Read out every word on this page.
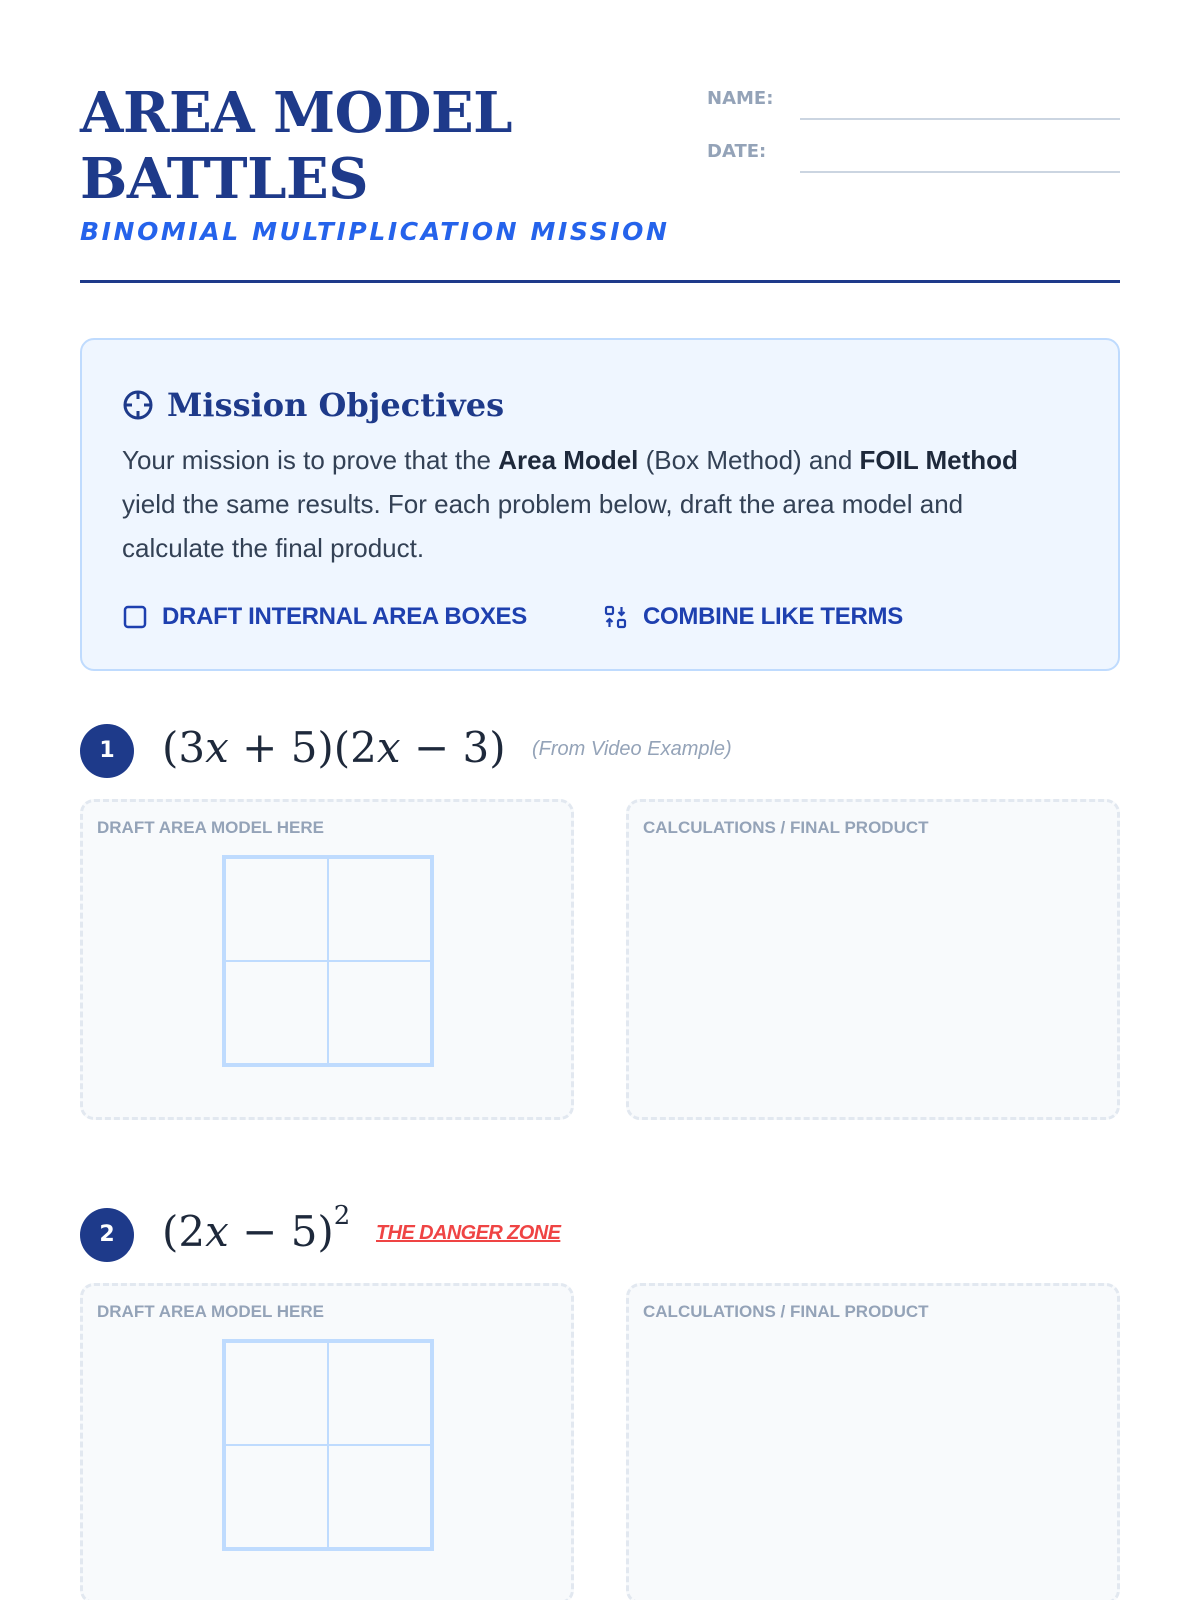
AREA MODEL
BATTLES
BINOMIAL MULTIPLICATION MISSION
NAME:
DATE:
Mission Objectives

Your mission is to prove that the Area Model (Box Method) and FOIL Method yield the same results. For each problem below, draft the area model and calculate the final product.

DRAFT INTERNAL AREA BOXES	COMBINE LIKE TERMS
1	(3x + 5)(2x − 3) (From Video Example)
DRAFT AREA MODEL HERE	CALCULATIONS / FINAL PRODUCT
2	$(2x - 5)^2$
THE DANGER ZONE
DRAFT AREA MODEL HERE	CALCULATIONS / FINAL PRODUCT
